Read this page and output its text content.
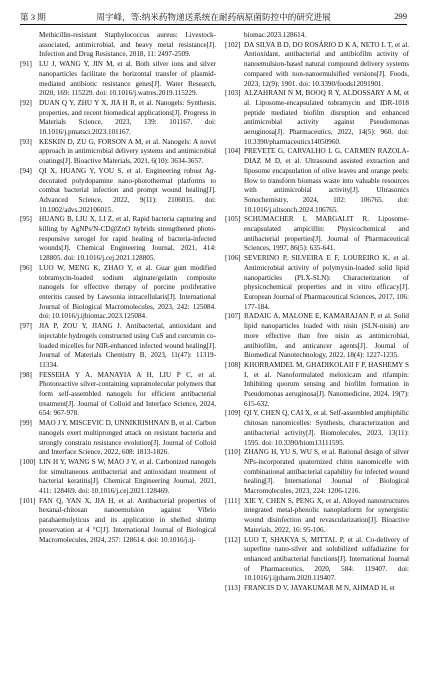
第 3 期	周宇峰，等:纳米药物递送系统在耐药病原菌防控中的研究进展	299
Methicillin-resistant Staphylococcus aureus: Livestock-associated, antimicrobial, and heavy metal resistance[J]. Infection and Drug Resistance, 2018, 11: 2497-2509.
[91] LU J, WANG Y, JIN M, et al. Both silver ions and silver nanoparticles facilitate the horizontal transfer of plasmid-mediated antibiotic resistance genes[J]. Water Research, 2020, 169: 115229. doi: 10.1016/j.watres.2019.115229.
[92] DUAN Q Y, ZHU Y X, JIA H R, et al. Nanogels: Synthesis, properties, and recent biomedical applications[J]. Progress in Materials Science, 2023, 139: 101167. doi: 10.1016/j.pmatsci.2023.101167.
[93] KESKIN D, ZU G, FORSON A M, et al. Nanogels: A novel approach in antimicrobial delivery systems and antimicrobial coatings[J]. Bioactive Materials, 2021, 6(10): 3634-3657.
[94] QI X, HUANG Y, YOU S, et al. Engineering robust Ag-decorated polydopamine nano-photothermal platforms to combat bacterial infection and prompt wound healing[J]. Advanced Science, 2022, 9(11): 2106015. doi: 10.1002/advs.202106015.
[95] HUANG B, LIU X, LI Z, et al. Rapid bacteria capturing and killing by AgNPs/N-CD@ZnO hybrids strengthened photo-responsive xerogel for rapid healing of bacteria-infected wounds[J]. Chemical Engineering Journal, 2021, 414: 128805. doi: 10.1016/j.cej.2021.128805.
[96] LUO W, MENG K, ZHAO Y, et al. Guar gum modified tobramycin-loaded sodium alginate/gelatin composite nanogels for effective therapy of porcine proliferative enteritis caused by Lawsonia intracellularis[J]. International Journal of Biological Macromolecules, 2023, 242: 125084. doi: 10.1016/j.ijbiomac.2023.125084.
[97] JIA P, ZOU Y, JIANG J. Antibacterial, antioxidant and injectable hydrogels constructed using CuS and curcumin co-loaded micelles for NIR-enhanced infected wound healing[J]. Journal of Materials Chemistry B, 2023, 11(47): 11319-11334.
[98] FESSEHA Y A, MANAYIA A H, LIU P C, et al. Photoreactive silver-containing supramolecular polymers that form self-assembled nanogels for efficient antibacterial treatment[J]. Journal of Colloid and Interface Science, 2024, 654: 967-978.
[99] MAO J Y, MISCEVIC D, UNNIKRISHNAN B, et al. Carbon nanogels exert multipronged attack on resistant bacteria and strongly constrain resistance evolution[J]. Journal of Colloid and Interface Science, 2022, 608: 1813-1826.
[100] LIN H Y, WANG S W, MAO J Y, et al. Carbonized nanogels for simultaneous antibacterial and antioxidant treatment of bacterial keratitis[J]. Chemical Engineering Journal, 2021, 411: 128469. doi: 10.1016/j.cej.2021.128469.
[101] FAN Q, YAN X, JIA H, et al. Antibacterial properties of hexanal-chitosan nanoemulsion against Vibrio parahaemolyticus and its application in shelled shrimp preservation at 4 °C[J]. International Journal of Biological Macromolecules, 2024, 257: 128614. doi: 10.1016/j.ij-
biomac.2023.128614.
[102] DA SILVA B D, DO ROSÁRIO D K A, NETO L T, et al. Antioxidant, antibacterial and antibiofilm activity of nanoemulsion-based natural compound delivery systems compared with non-nanoemulsified versions[J]. Foods, 2023, 12(9): 1901. doi: 10.3390/foods12091901.
[103] ALZAHRANI N M, BOOQ R Y, ALDOSSARY A M, et al. Liposome-encapsulated tobramycin and IDR-1018 peptide mediated biofilm disruption and enhanced antimicrobial activity against Pseudomonas aeruginosa[J]. Pharmaceutics, 2022, 14(5): 960. doi: 10.3390/pharmaceutics14050960.
[104] PREVETE G, CARVALHO L G, CARMEN RAZOLA-DIAZ M D, et al. Ultrasound assisted extraction and liposome encapsulation of olive leaves and orange peels: How to transform biomass waste into valuable resources with antimicrobial activity[J]. Ultrasonics Sonochemistry, 2024, 102: 106765. doi: 10.1016/j.ultsonch.2024.106765.
[105] SCHUMACHER I, MARGALIT R. Liposome-encapsulated ampicillin: Physicochemical and antibacterial properties[J]. Journal of Pharmaceutical Sciences, 1997, 86(5): 635-641.
[106] SEVERINO P, SILVEIRA E F, LOUREIRO K, et al. Antimicrobial activity of polymyxin-loaded solid lipid nanoparticles (PLX-SLN): Characterization of physicochemical properties and in vitro efficacy[J]. European Journal of Pharmaceutical Sciences, 2017, 106: 177-184.
[107] RADAIC A, MALONE E, KAMARAJAN P, et al. Solid lipid nanoparticles loaded with nisin (SLN-nisin) are more effective than free nisin as antimicrobial, antibiofilm, and anticancer agents[J]. Journal of Biomedical Nanotechnology, 2022, 18(4): 1227-1235.
[108] KHORRAMDEL M, GHADIKOLAII F P, HASHEMY S I, et al. Nanoformulated meloxicam and rifampin: Inhibiting quorum sensing and biofilm formation in Pseudomonas aeruginosa[J]. Nanomedicine, 2024, 19(7): 615-632.
[109] QI Y, CHEN Q, CAI X, et al. Self-assembled amphiphilic chitosan nanomicelles: Synthesis, characterization and antibacterial activity[J]. Biomolecules, 2023, 13(11): 1595. doi: 10.3390/biom13111595.
[110] ZHANG H, YU S, WU S, et al. Rational design of silver NPs-incorporated quaternized chitin nanomicelle with combinational antibacterial capability for infected wound healing[J]. International Journal of Biological Macromolecules, 2023, 224: 1206-1216.
[111] XIE Y, CHEN S, PENG X, et al. Alloyed nanostructures integrated metal-phenolic nanoplatform for synergistic wound disinfection and revascularization[J]. Bioactive Materials, 2022, 16: 95-106.
[112] LUO T, SHAKYA S, MITTAL P, et al. Co-delivery of superfine nano-silver and solubilized sulfadiazine for enhanced antibacterial functions[J]. International Journal of Pharmaceutics, 2020, 584: 119407. doi: 10.1016/j.ijpharm.2020.119407.
[113] FRANCIS D V, JAYAKUMAR M N, AHMAD H, et
